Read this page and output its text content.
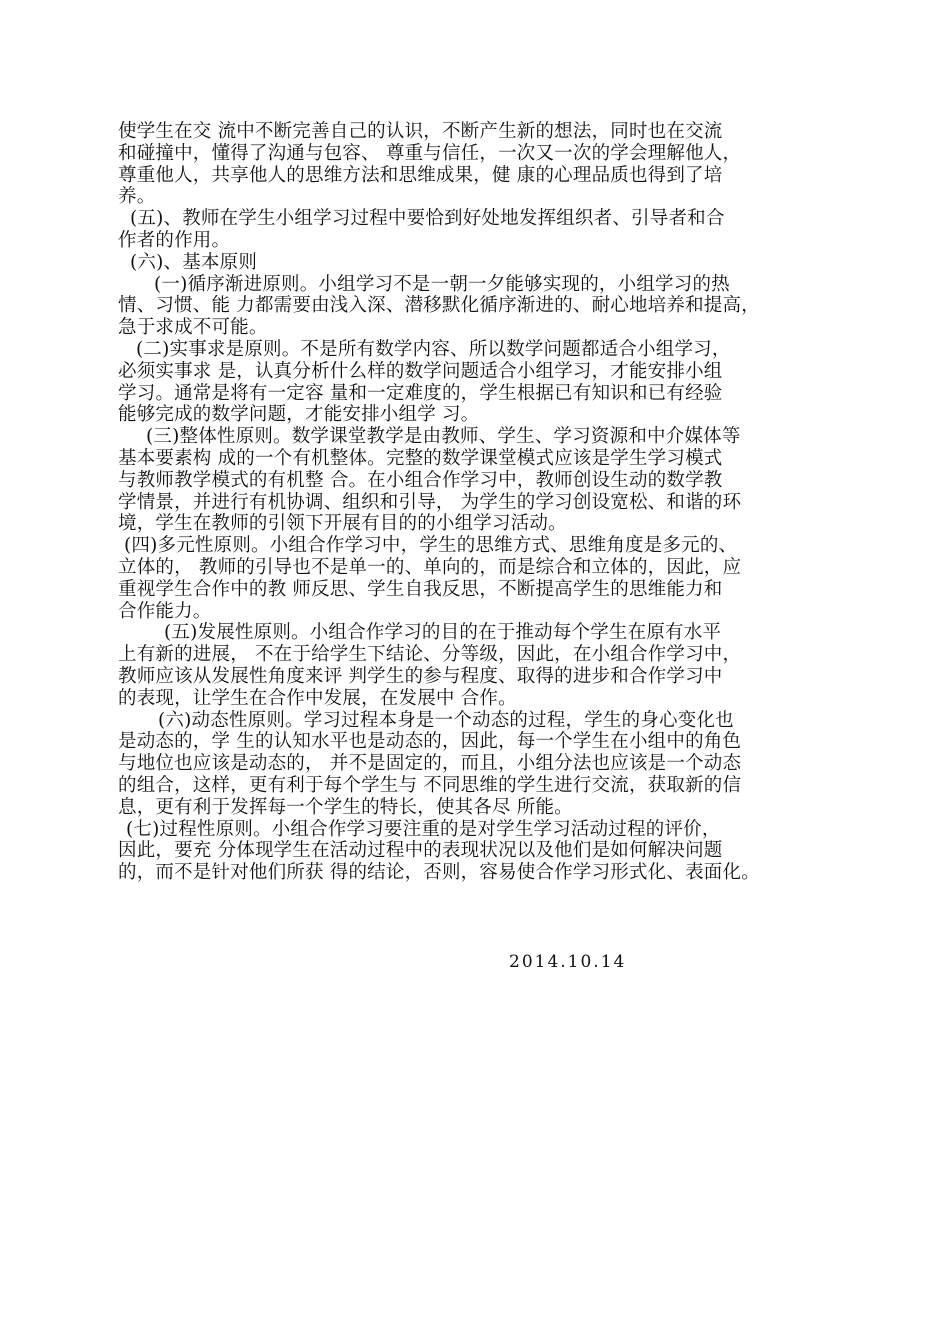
使学生在交 流中不断完善自己的认识，不断产生新的想法，同时也在交流
和碰撞中，懂得了沟通与包容、 尊重与信任，一次又一次的学会理解他人，
尊重他人，共享他人的思维方法和思维成果，健 康的心理品质也得到了培
养。
(五)、教师在学生小组学习过程中要恰到好处地发挥组织者、引导者和合
作者的作用。
(六)、基本原则
(一)循序渐进原则。小组学习不是一朝一夕能够实现的，小组学习的热
情、习惯、能 力都需要由浅入深、潜移默化循序渐进的、耐心地培养和提高，
急于求成不可能。
(二)实事求是原则。不是所有数学内容、所以数学问题都适合小组学习，
必须实事求 是，认真分析什么样的数学问题适合小组学习，才能安排小组
学习。通常是将有一定容 量和一定难度的，学生根据已有知识和已有经验
能够完成的数学问题，才能安排小组学 习。
(三)整体性原则。数学课堂教学是由教师、学生、学习资源和中介媒体等
基本要素构 成的一个有机整体。完整的数学课堂模式应该是学生学习模式
与教师教学模式的有机整 合。在小组合作学习中，教师创设生动的数学教
学情景，并进行有机协调、组织和引导， 为学生的学习创设宽松、和谐的环
境，学生在教师的引领下开展有目的的小组学习活动。
(四)多元性原则。小组合作学习中，学生的思维方式、思维角度是多元的、
立体的， 教师的引导也不是单一的、单向的，而是综合和立体的，因此，应
重视学生合作中的教 师反思、学生自我反思，不断提高学生的思维能力和
合作能力。
(五)发展性原则。小组合作学习的目的在于推动每个学生在原有水平
上有新的进展， 不在于给学生下结论、分等级，因此，在小组合作学习中，
教师应该从发展性角度来评 判学生的参与程度、取得的进步和合作学习中
的表现，让学生在合作中发展，在发展中 合作。
(六)动态性原则。学习过程本身是一个动态的过程，学生的身心变化也
是动态的，学 生的认知水平也是动态的，因此，每一个学生在小组中的角色
与地位也应该是动态的， 并不是固定的，而且，小组分法也应该是一个动态
的组合，这样，更有利于每个学生与 不同思维的学生进行交流，获取新的信
息，更有利于发挥每一个学生的特长，使其各尽 所能。
(七)过程性原则。小组合作学习要注重的是对学生学习活动过程的评价，
因此，要充 分体现学生在活动过程中的表现状况以及他们是如何解决问题
的，而不是针对他们所获 得的结论，否则，容易使合作学习形式化、表面化。
2014.10.14
